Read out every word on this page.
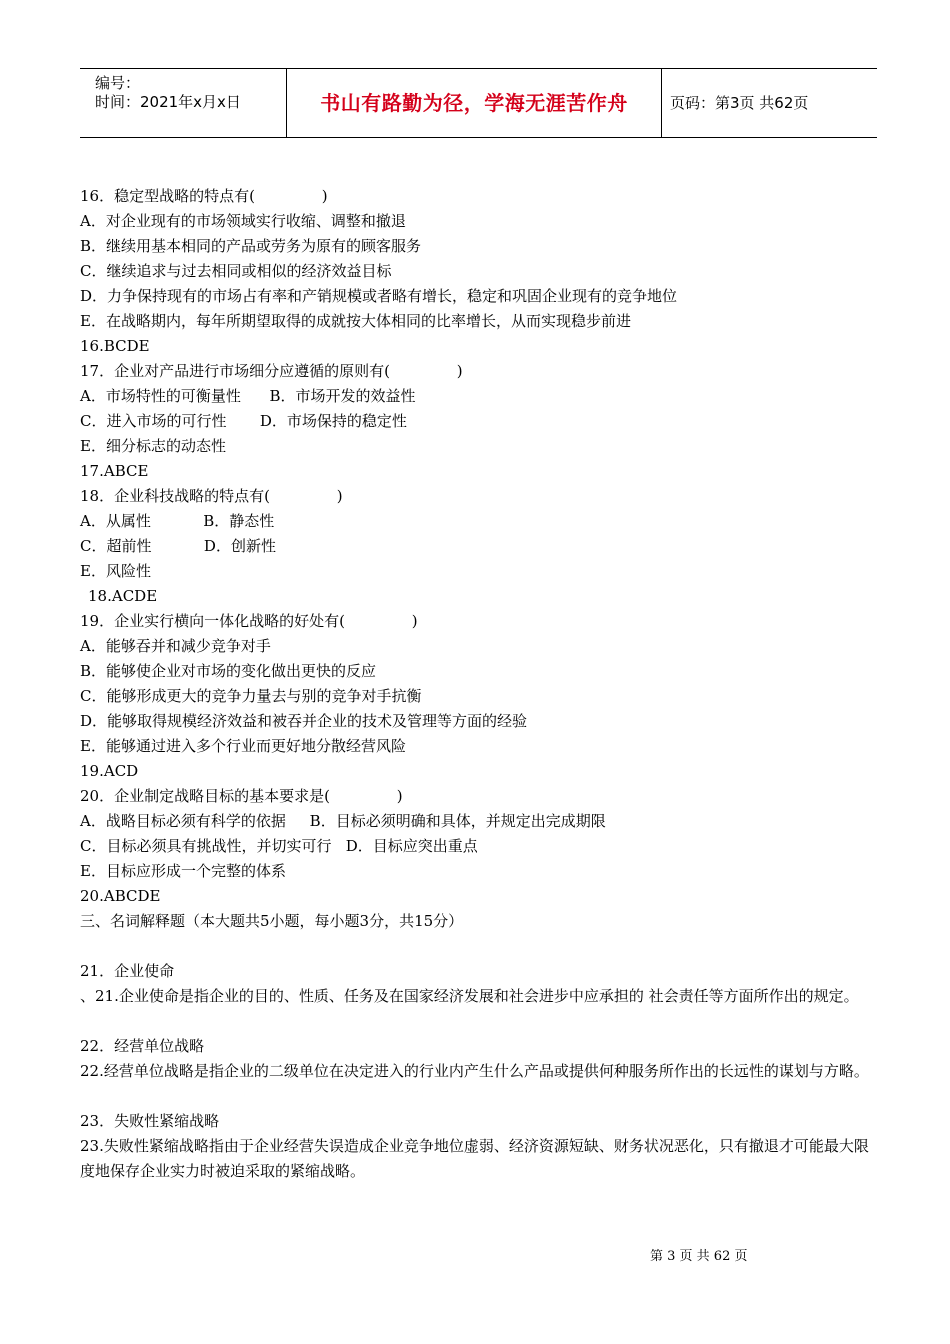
编号：
时间：2021年x月x日	书山有路勤为径，学海无涯苦作舟	页码：第3页 共62页
16．稳定型战略的特点有(              )
A．对企业现有的市场领域实行收缩、调整和撤退
B．继续用基本相同的产品或劳务为原有的顾客服务
C．继续追求与过去相同或相似的经济效益目标
D．力争保持现有的市场占有率和产销规模或者略有增长，稳定和巩固企业现有的竞争地位
E．在战略期内，每年所期望取得的成就按大体相同的比率增长，从而实现稳步前进
16.BCDE
17．企业对产品进行市场细分应遵循的原则有(              )
A．市场特性的可衡量性      B．市场开发的效益性
C．进入市场的可行性       D．市场保持的稳定性
E．细分标志的动态性
17.ABCE
18．企业科技战略的特点有(              )
A．从属性           B．静态性
C．超前性           D．创新性
E．风险性
18.ACDE
19．企业实行横向一体化战略的好处有(              )
A．能够吞并和减少竞争对手
B．能够使企业对市场的变化做出更快的反应
C．能够形成更大的竞争力量去与别的竞争对手抗衡
D．能够取得规模经济效益和被吞并企业的技术及管理等方面的经验
E．能够通过进入多个行业而更好地分散经营风险
19.ACD
20．企业制定战略目标的基本要求是(              )
A．战略目标必须有科学的依据     B．目标必须明确和具体，并规定出完成期限
C．目标必须具有挑战性，并切实可行   D．目标应突出重点
E．目标应形成一个完整的体系
20.ABCDE
三、名词解释题（本大题共5小题，每小题3分，共15分）
21．企业使命
、21.企业使命是指企业的目的、性质、任务及在国家经济发展和社会进步中应承担的 社会责任等方面所作出的规定。
22．经营单位战略
22.经营单位战略是指企业的二级单位在决定进入的行业内产生什么产品或提供何种服务所作出的长远性的谋划与方略。
23．失败性紧缩战略
23.失败性紧缩战略指由于企业经营失误造成企业竞争地位虚弱、经济资源短缺、财务状况恶化，只有撤退才可能最大限度地保存企业实力时被迫采取的紧缩战略。
第 3 页 共 62 页
